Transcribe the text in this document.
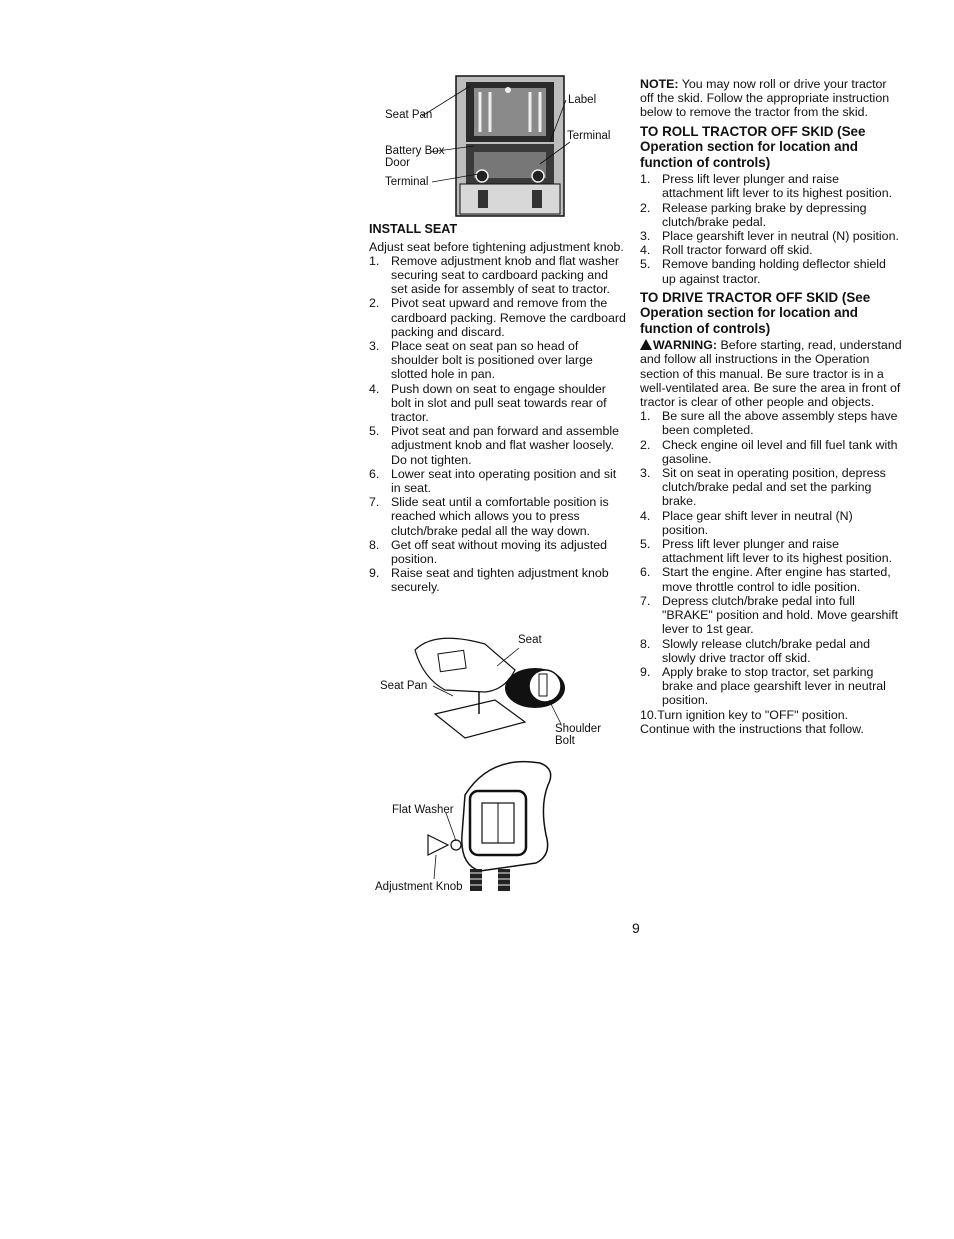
Seat Pan
Label
Terminal
Battery Box
Door
Terminal
INSTALL SEAT

Adjust seat before tightening adjustment knob.

1. Remove adjustment knob and flat washer securing seat to cardboard packing and set aside for assembly of seat to tractor.
2. Pivot seat upward and remove from the cardboard packing. Remove the cardboard packing and discard.
3. Place seat on seat pan so head of shoulder bolt is positioned over large slotted hole in pan.
4. Push down on seat to engage shoulder bolt in slot and pull seat towards rear of tractor.
5. Pivot seat and pan forward and assemble adjustment knob and flat washer loosely. Do not tighten.
6. Lower seat into operating position and sit in seat.
7. Slide seat until a comfortable position is reached which allows you to press clutch/brake pedal all the way down.
8. Get off seat without moving its adjusted position.
9. Raise seat and tighten adjustment knob securely.
Seat
Seat Pan
Shoulder
Bolt
Flat Washer
Adjustment Knob

NOTE: You may now roll or drive your tractor off the skid. Follow the appropriate instruction below to remove the tractor from the skid.

TO ROLL TRACTOR OFF SKID (See
Operation section for location and function of controls)
1. Press lift lever plunger and raise attachment lift lever to its highest position.
2. Release parking brake by depressing clutch/brake pedal.
3. Place gearshift lever in neutral (N) position.
4. Roll tractor forward off skid.
5. Remove banding holding deflector shield up against tractor.
TO DRIVE TRACTOR OFF SKID (See
Operation section for location and function of controls)

WARNING: Before starting, read, understand and follow all instructions in the Operation section of this manual. Be sure tractor is in a well-ventilated area. Be sure the area in front of tractor is clear of other people and objects.

1. Be sure all the above assembly steps have been completed.
2. Check engine oil level and fill fuel tank with gasoline.
3. Sit on seat in operating position, depress clutch/brake pedal and set the parking brake.
4. Place gear shift lever in neutral (N) position.
5. Press lift lever plunger and raise attachment lift lever to its highest position.
6. Start the engine. After engine has started, move throttle control to idle position.
7. Depress clutch/brake pedal into full "BRAKE" position and hold. Move gearshift lever to 1st gear.
8. Slowly release clutch/brake pedal and slowly drive tractor off skid.
9. Apply brake to stop tractor, set parking brake and place gearshift lever in neutral position.

10.Turn ignition key to "OFF" position.

Continue with the instructions that follow.

9
